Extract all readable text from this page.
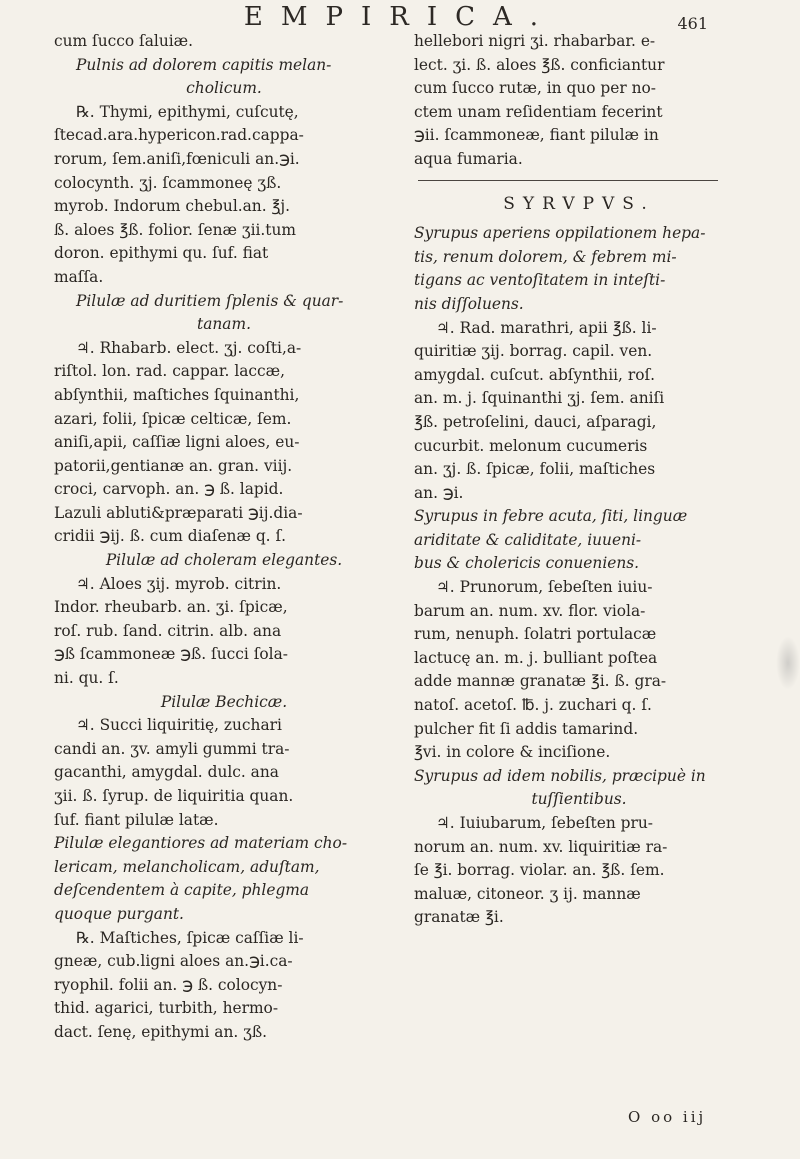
EMPIRICA.	461
cum ſucco ſaluiæ.
Pulnis ad dolorem capitis melan-
cholicum.
℞. Thymi, epithymi, cuſcutę,
ſtecad.ara.hypericon.rad.cappa-
rorum, ſem.aniſi,fœniculi an.℈i.
colocynth. ʒj. ſcammoneę ʒß.
myrob. Indorum chebul.an. ℥j.
ß. aloes ℥ß. folior. ſenæ ʒii.tum
doron. epithymi qu. ſuf. fiat
maſſa.
Pilulæ ad duritiem ſplenis & quar-
tanam.
♃. Rhabarb. elect. ʒj. coſti,a-
riſtol. lon. rad. cappar. laccæ,
abſynthii, maſtiches ſquinanthi,
azari, folii, ſpicæ celticæ, ſem.
aniſi,apii, caſſiæ ligni aloes, eu-
patorii,gentianæ an. gran. viij.
croci, carvoph. an. ℈ ß. lapid.
Lazuli abluti&præparati ℈ij.dia-
cridii ℈ij. ß. cum diaſenæ q. ſ.
Pilulæ ad choleram elegantes.
♃. Aloes ʒij. myrob. citrin.
Indor. rheubarb. an. ʒi. ſpicæ,
roſ. rub. ſand. citrin. alb. ana
℈ß ſcammoneæ ℈ß. ſucci ſola-
ni. qu. ſ.
Pilulæ Bechicæ.
♃. Succi liquiritię, zuchari
candi an. ʒv. amyli gummi tra-
gacanthi, amygdal. dulc. ana
ʒii. ß. ſyrup. de liquiritia quan.
ſuf. fiant pilulæ latæ.
Pilulæ elegantiores ad materiam cho-
lericam, melancholicam, aduſtam,
deſcendentem à capite, phlegma
quoque purgant.
℞. Maſtiches, ſpicæ caſſiæ li-
gneæ, cub.ligni aloes an.℈i.ca-
ryophil. folii an. ℈ ß. colocyn-
thid. agarici, turbith, hermo-
dact. ſenę, epithymi an. ʒß.
hellebori nigri ʒi. rhabarbar. e-
lect. ʒi. ß. aloes ℥ß. conficiantur
cum ſucco rutæ, in quo per no-
ctem unam reſidentiam fecerint
℈ii. ſcammoneæ, fiant pilulæ in
aqua fumaria.
SYRVPVS.
Syrupus aperiens oppilationem hepa-
tis, renum dolorem, & febrem mi-
tigans ac ventoſitatem in inteſti-
nis diſſoluens.
♃. Rad. marathri, apii ℥ß. li-
quiritiæ ʒij. borrag. capil. ven.
amygdal. cuſcut. abſynthii, roſ.
an. m. j. ſquinanthi ʒj. ſem. aniſi
℥ß. petroſelini, dauci, aſparagi,
cucurbit. melonum cucumeris
an. ʒj. ß. ſpicæ, folii, maſtiches
an. ℈i.
Syrupus in febre acuta, ſiti, linguæ
ariditate & caliditate, iuueni-
bus & cholericis conueniens.
♃. Prunorum, ſebeſten iuiu-
barum an. num. xv. flor. viola-
rum, nenuph. ſolatri portulacæ
lactucę an. m. j. bulliant poſtea
adde mannæ granatæ ℥i. ß. gra-
natoſ. acetoſ. ℔. j. zuchari q. ſ.
pulcher fit ſi addis tamarind.
℥vi. in colore & inciſione.
Syrupus ad idem nobilis, præcipuè in
tuſſientibus.
♃. Iuiubarum, ſebeſten pru-
norum an. num. xv. liquiritiæ ra-
ſe ℥i. borrag. violar. an. ℥ß. ſem.
maluæ, citoneor. ʒ ij. mannæ
granatæ ℥i.
O oo iij
